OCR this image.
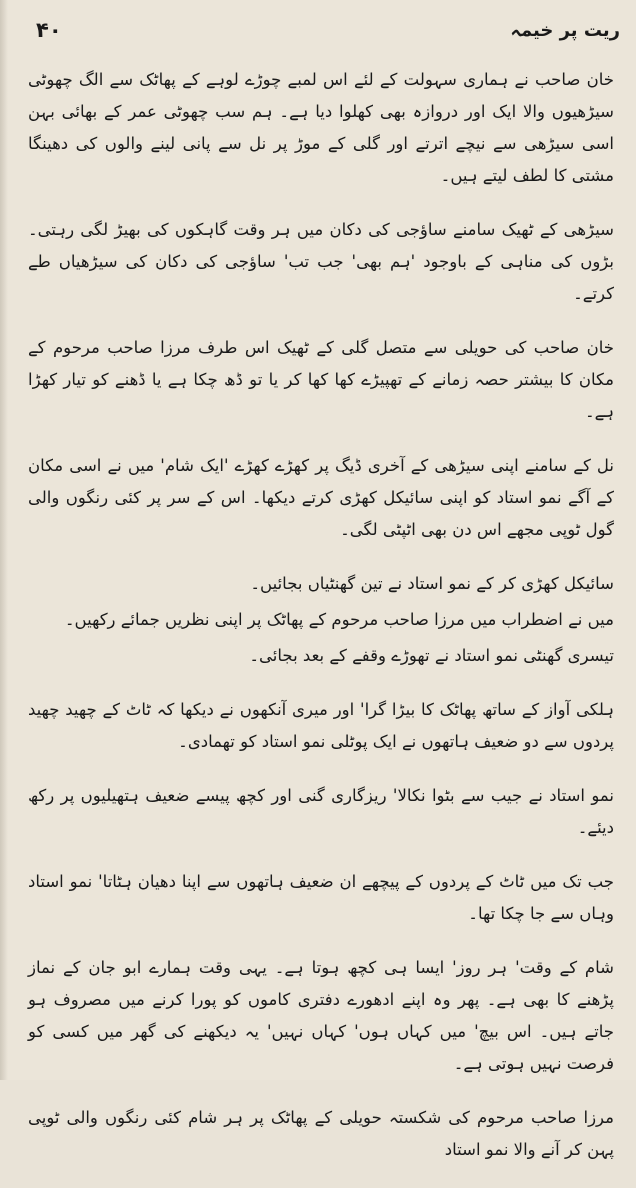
۴۰	ریت پر خیمہ

خان صاحب نے ہماری سہولت کے لئے اس لمبے چوڑے لوہے کے پھاٹک سے الگ چھوٹی سیڑھیوں والا ایک اور دروازہ بھی کھلوا دیا ہے۔ ہم سب چھوٹی عمر کے بھائی بہن اسی سیڑھی سے نیچے اترتے اور گلی کے موڑ پر نل سے پانی لینے والوں کی دھینگا مشتی کا لطف لیتے ہیں۔

سیڑھی کے ٹھیک سامنے ساؤجی کی دکان میں ہر وقت گاہکوں کی بھیڑ لگی رہتی۔ بڑوں کی مناہی کے باوجود 'ہم بھی' جب تب' ساؤجی کی دکان کی سیڑھیاں طے کرتے۔

خان صاحب کی حویلی سے متصل گلی کے ٹھیک اس طرف مرزا صاحب مرحوم کے مکان کا بیشتر حصہ زمانے کے تھپیڑے کھا کھا کر یا تو ڈھ چکا ہے یا ڈھنے کو تیار کھڑا ہے۔

نل کے سامنے اپنی سیڑھی کے آخری ڈیگ پر کھڑے کھڑے 'ایک شام' میں نے اسی مکان کے آگے نمو استاد کو اپنی سائیکل کھڑی کرتے دیکھا۔ اس کے سر پر کئی رنگوں والی گول ٹوپی مجھے اس دن بھی اٹپٹی لگی۔

سائیکل کھڑی کر کے نمو استاد نے تین گھنٹیاں بجائیں۔

میں نے اضطراب میں مرزا صاحب مرحوم کے پھاٹک پر اپنی نظریں جمائے رکھیں۔

تیسری گھنٹی نمو استاد نے تھوڑے وقفے کے بعد بجائی۔

ہلکی آواز کے ساتھ پھاٹک کا بیڑا گرا' اور میری آنکھوں نے دیکھا کہ ٹاٹ کے چھید چھید پردوں سے دو ضعیف ہاتھوں نے ایک پوٹلی نمو استاد کو تھمادی۔

نمو استاد نے جیب سے بٹوا نکالا' ریزگاری گنی اور کچھ پیسے ضعیف ہتھیلیوں پر رکھ دیئے۔

جب تک میں ٹاٹ کے پردوں کے پیچھے ان ضعیف ہاتھوں سے اپنا دھیان ہٹاتا' نمو استاد وہاں سے جا چکا تھا۔

شام کے وقت' ہر روز' ایسا ہی کچھ ہوتا ہے۔ یہی وقت ہمارے ابو جان کے نماز پڑھنے کا بھی ہے۔ پھر وہ اپنے ادھورے دفتری کاموں کو پورا کرنے میں مصروف ہو جاتے ہیں۔ اس بیچ' میں کہاں ہوں' کہاں نہیں' یہ دیکھنے کی گھر میں کسی کو فرصت نہیں ہوتی ہے۔

مرزا صاحب مرحوم کی شکستہ حویلی کے پھاٹک پر ہر شام کئی رنگوں والی ٹوپی پہن کر آنے والا نمو استاد
